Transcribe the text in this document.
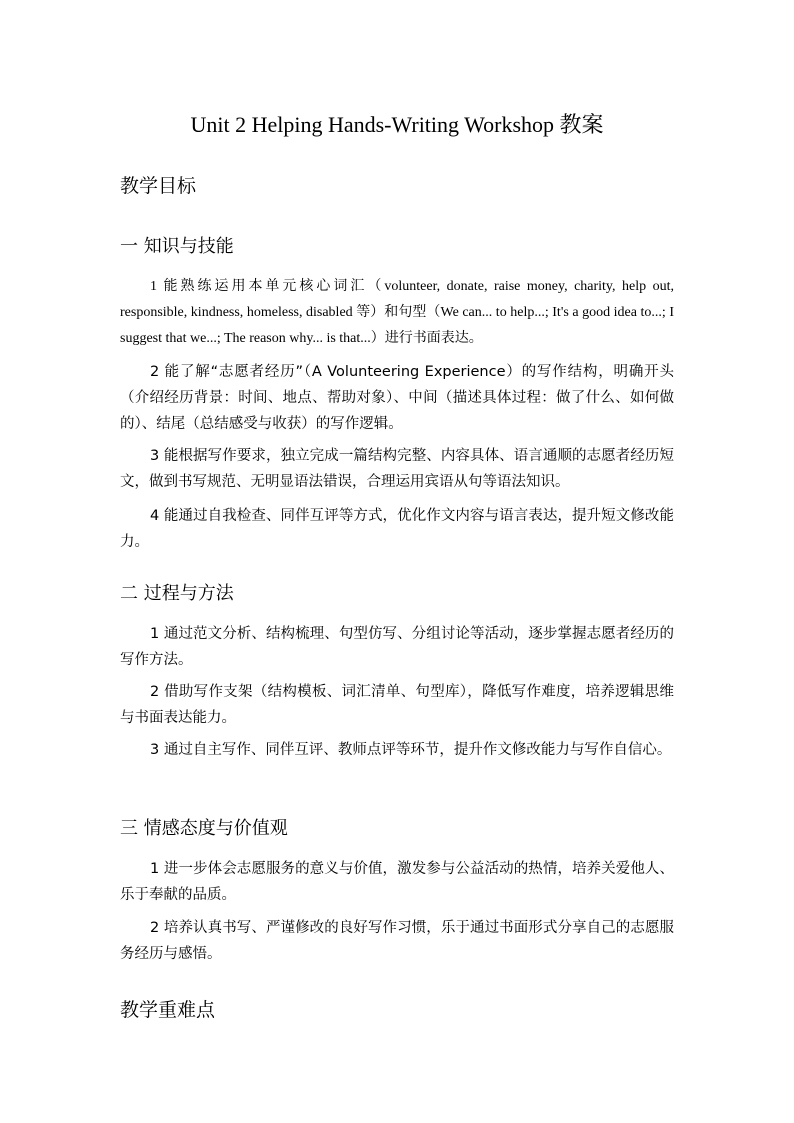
Unit 2 Helping Hands-Writing Workshop 教案
教学目标
一 知识与技能
1 能熟练运用本单元核心词汇（volunteer, donate, raise money, charity, help out, responsible, kindness, homeless, disabled 等）和句型（We can... to help...; It's a good idea to...; I suggest that we...; The reason why... is that...）进行书面表达。
2 能了解“志愿者经历”（A Volunteering Experience）的写作结构，明确开头（介绍经历背景：时间、地点、帮助对象）、中间（描述具体过程：做了什么、如何做的）、结尾（总结感受与收获）的写作逻辑。
3 能根据写作要求，独立完成一篇结构完整、内容具体、语言通顺的志愿者经历短文，做到书写规范、无明显语法错误，合理运用宾语从句等语法知识。
4 能通过自我检查、同伴互评等方式，优化作文内容与语言表达，提升短文修改能力。
二 过程与方法
1 通过范文分析、结构梳理、句型仿写、分组讨论等活动，逐步掌握志愿者经历的写作方法。
2 借助写作支架（结构模板、词汇清单、句型库），降低写作难度，培养逻辑思维与书面表达能力。
3 通过自主写作、同伴互评、教师点评等环节，提升作文修改能力与写作自信心。
三 情感态度与价值观
1 进一步体会志愿服务的意义与价值，激发参与公益活动的热情，培养关爱他人、乐于奉献的品质。
2 培养认真书写、严谨修改的良好写作习惯，乐于通过书面形式分享自己的志愿服务经历与感悟。
教学重难点
